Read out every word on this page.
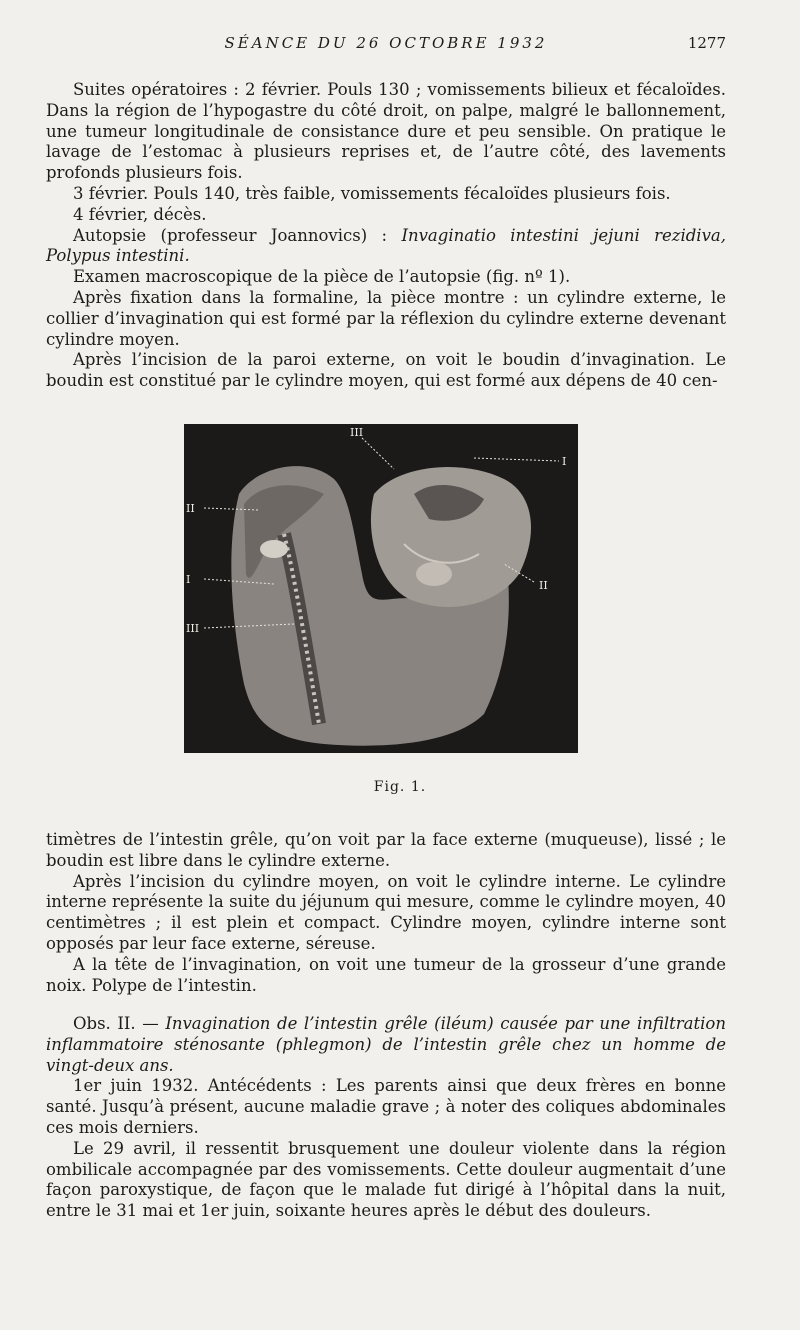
SÉANCE DU 26 OCTOBRE 1932	1277

Suites opératoires : 2 février. Pouls 130 ; vomissements bilieux et fécaloïdes. Dans la région de l’hypogastre du côté droit, on palpe, malgré le ballonnement, une tumeur longitudinale de consistance dure et peu sensible. On pratique le lavage de l’estomac à plusieurs reprises et, de l’autre côté, des lavements profonds plusieurs fois.

3 février. Pouls 140, très faible, vomissements fécaloïdes plusieurs fois.

4 février, décès.

Autopsie (professeur Joannovics) : Invaginatio intestini jejuni rezidiva, Polypus intestini.

Examen macroscopique de la pièce de l’autopsie (fig. nº 1).

Après fixation dans la formaline, la pièce montre : un cylindre externe, le collier d’invagination qui est formé par la réflexion du cylindre externe devenant cylindre moyen.

Après l’incision de la paroi externe, on voit le boudin d’invagination. Le boudin est constitué par le cylindre moyen, qui est formé aux dépens de 40 cen-

III
I
II
I	II
III
Fig. 1.

timètres de l’intestin grêle, qu’on voit par la face externe (muqueuse), lissé ; le boudin est libre dans le cylindre externe.

Après l’incision du cylindre moyen, on voit le cylindre interne. Le cylindre interne représente la suite du jéjunum qui mesure, comme le cylindre moyen, 40 centimètres ; il est plein et compact. Cylindre moyen, cylindre interne sont opposés par leur face externe, séreuse.

A la tête de l’invagination, on voit une tumeur de la grosseur d’une grande noix. Polype de l’intestin.

Obs. II. — Invagination de l’intestin grêle (iléum) causée par une infiltration inflammatoire sténosante (phlegmon) de l’intestin grêle chez un homme de vingt-deux ans.

1er juin 1932. Antécédents : Les parents ainsi que deux frères en bonne santé. Jusqu’à présent, aucune maladie grave ; à noter des coliques abdominales ces mois derniers.

Le 29 avril, il ressentit brusquement une douleur violente dans la région ombilicale accompagnée par des vomissements. Cette douleur augmentait d’une façon paroxystique, de façon que le malade fut dirigé à l’hôpital dans la nuit, entre le 31 mai et 1er juin, soixante heures après le début des douleurs.
